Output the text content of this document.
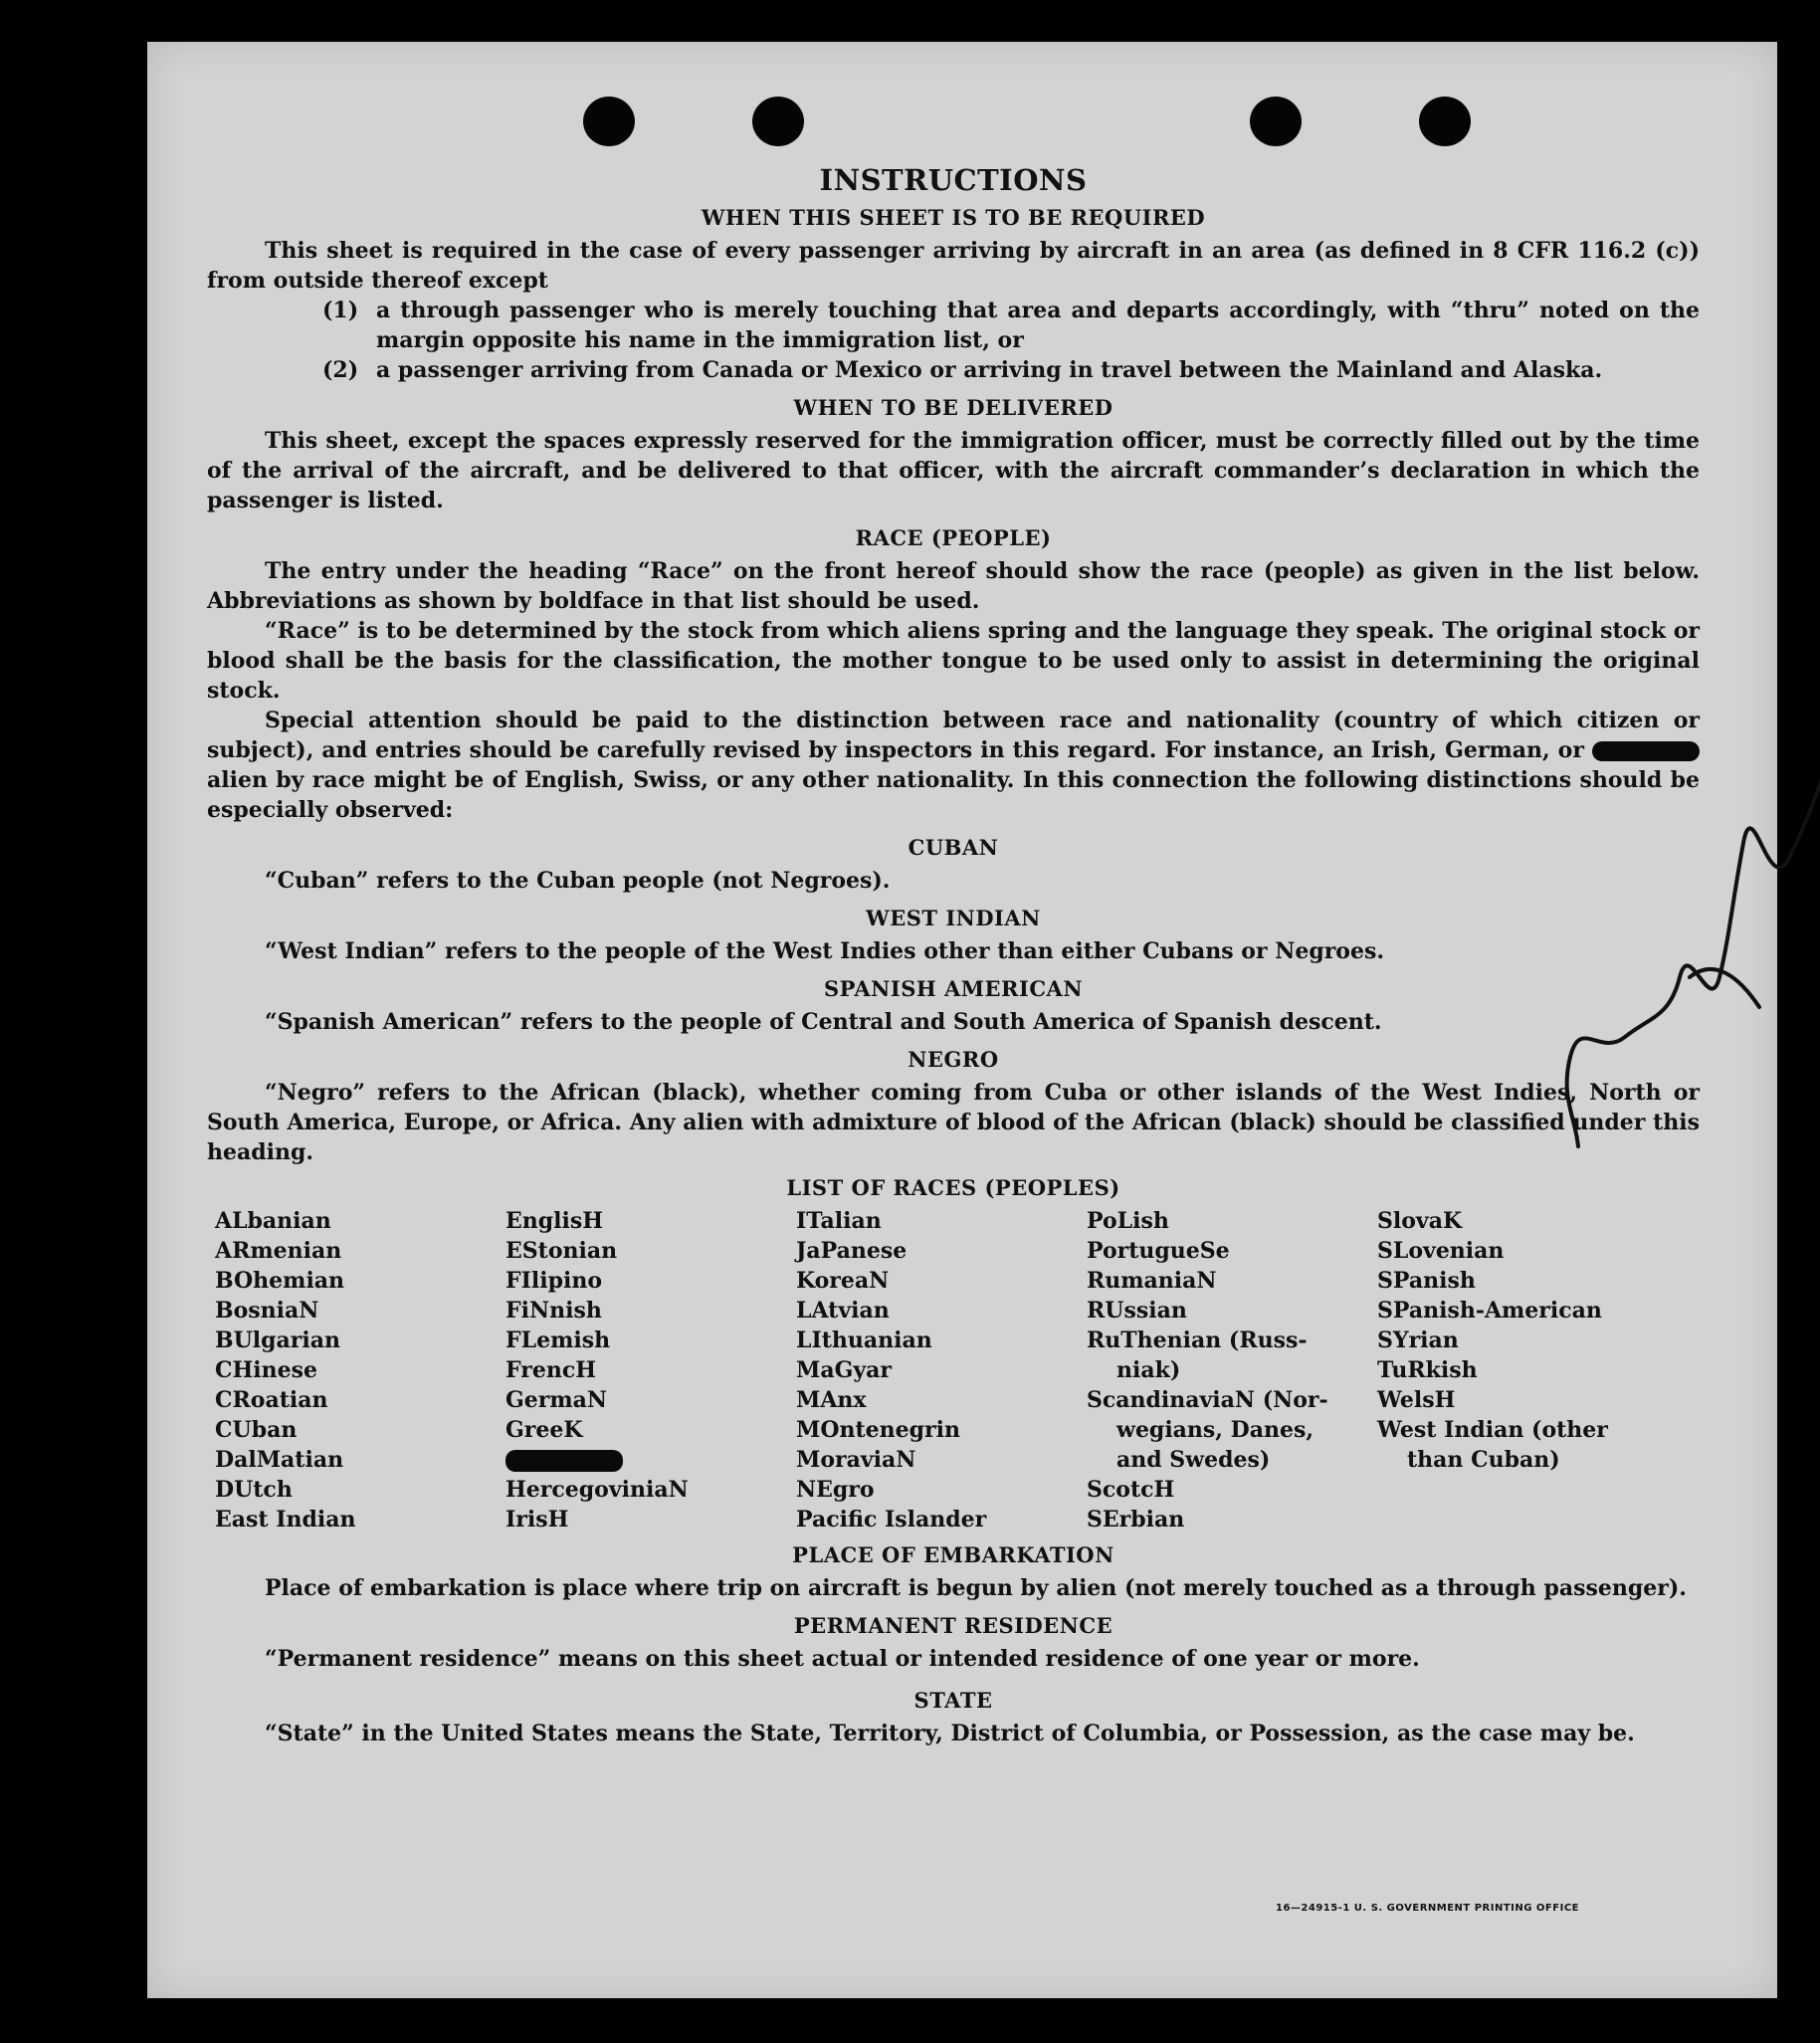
INSTRUCTIONS
WHEN THIS SHEET IS TO BE REQUIRED

This sheet is required in the case of every passenger arriving by aircraft in an area (as defined in 8 CFR 116.2 (c)) from outside thereof except

(1) a through passenger who is merely touching that area and departs accordingly, with “thru” noted on the margin opposite his name in the immigration list, or
(2) a passenger arriving from Canada or Mexico or arriving in travel between the Mainland and Alaska.
WHEN TO BE DELIVERED

This sheet, except the spaces expressly reserved for the immigration officer, must be correctly filled out by the time of the arrival of the aircraft, and be delivered to that officer, with the aircraft commander’s declaration in which the passenger is listed.

RACE (PEOPLE)

The entry under the heading “Race” on the front hereof should show the race (people) as given in the list below. Abbreviations as shown by boldface in that list should be used.

“Race” is to be determined by the stock from which aliens spring and the language they speak. The original stock or blood shall be the basis for the classification, the mother tongue to be used only to assist in determining the original stock.

Special attention should be paid to the distinction between race and nationality (country of which citizen or subject), and entries should be carefully revised by inspectors in this regard. For instance, an Irish, German, or  alien by race might be of English, Swiss, or any other nationality. In this connection the following distinctions should be especially observed:

CUBAN

“Cuban” refers to the Cuban people (not Negroes).

WEST INDIAN

“West Indian” refers to the people of the West Indies other than either Cubans or Negroes.

SPANISH AMERICAN

“Spanish American” refers to the people of Central and South America of Spanish descent.

NEGRO

“Negro” refers to the African (black), whether coming from Cuba or other islands of the West Indies, North or South America, Europe, or Africa. Any alien with admixture of blood of the African (black) should be classified under this heading.

LIST OF RACES (PEOPLES)
ALbanian
ARmenian
BOhemian
BosniaN
BUlgarian
CHinese
CRoatian
CUban
DalMatian
DUtch
East Indian
EnglisH
EStonian
FIlipino
FiNnish
FLemish
FrencH
GermaN
GreeK
HercegoviniaN
IrisH
ITalian
JaPanese
KoreaN
LAtvian
LIthuanian
MaGyar
MAnx
MOntenegrin
MoraviaN
NEgro
Pacific Islander
PoLish
PortugueSe
RumaniaN
RUssian
RuThenian (Russ-
niak)
ScandinaviaN (Nor-
wegians, Danes,
and Swedes)
ScotcH
SErbian
SlovaK
SLovenian
SPanish
SPanish-American
SYrian
TuRkish
WelsH
West Indian (other
than Cuban)
PLACE OF EMBARKATION

Place of embarkation is place where trip on aircraft is begun by alien (not merely touched as a through passenger).

PERMANENT RESIDENCE

“Permanent residence” means on this sheet actual or intended residence of one year or more.

STATE

“State” in the United States means the State, Territory, District of Columbia, or Possession, as the case may be.

16—24915-1 U. S. GOVERNMENT PRINTING OFFICE
